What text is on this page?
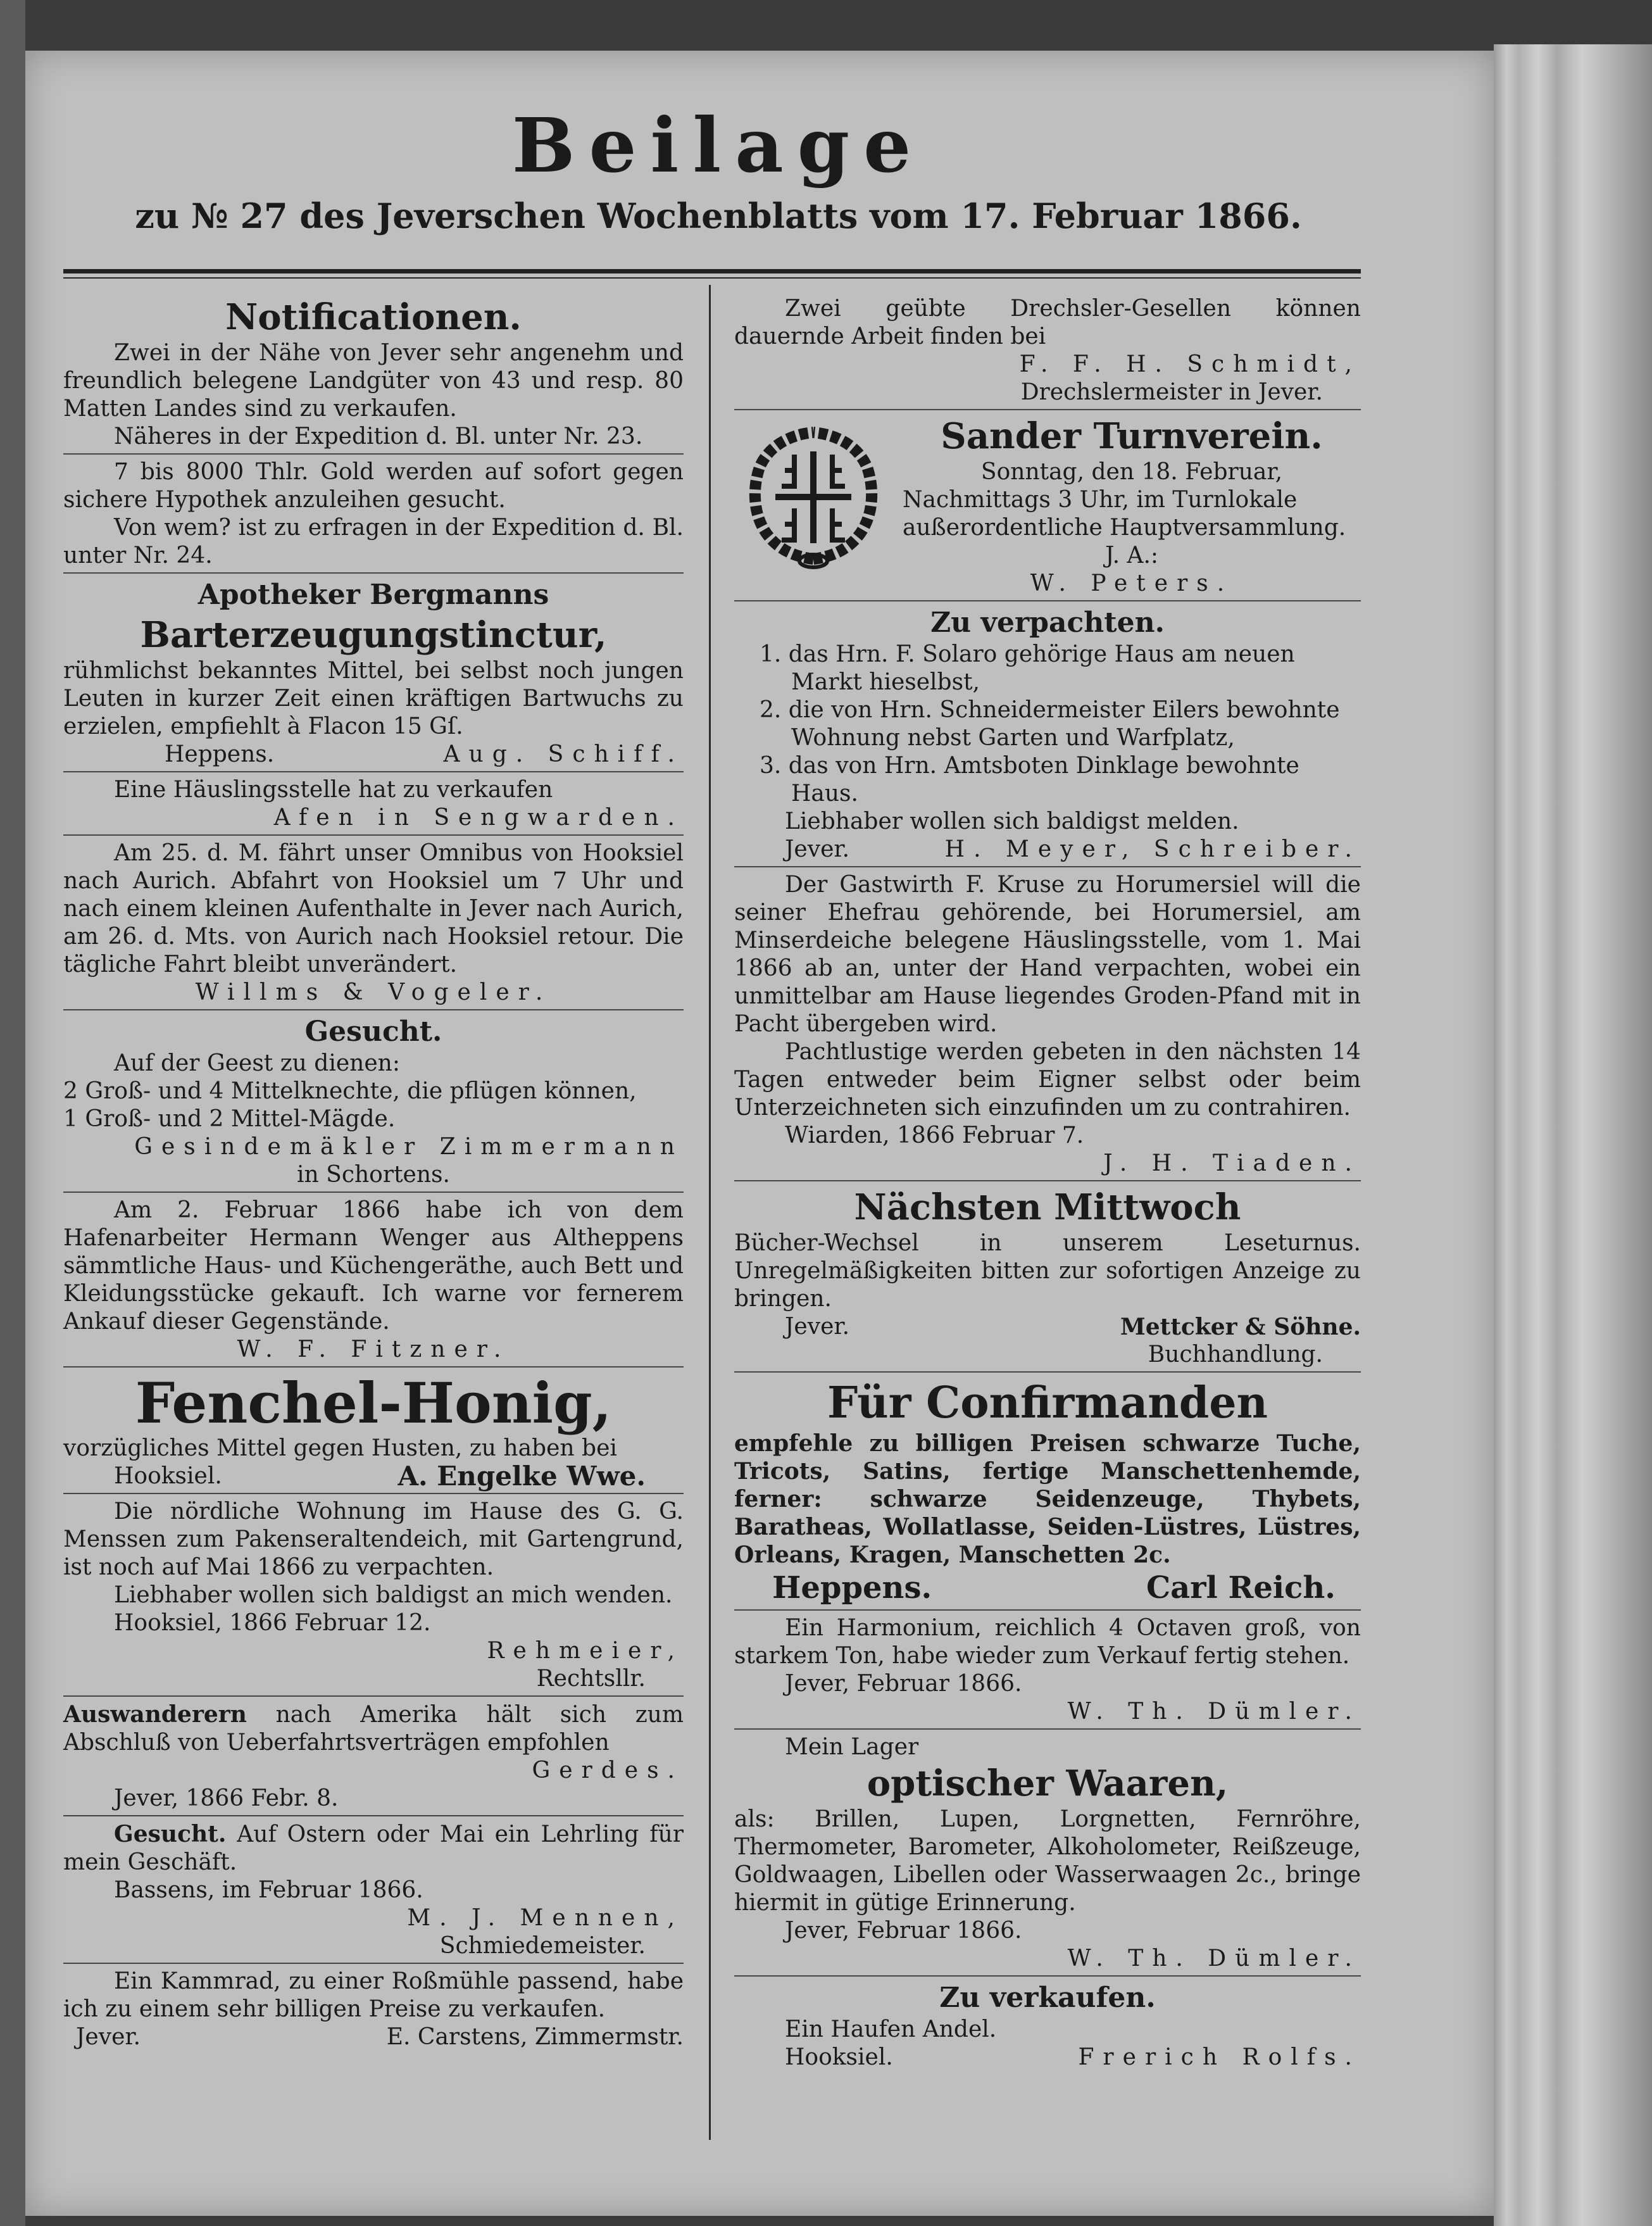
Beilage
zu № 27 des Jeverschen Wochenblatts vom 17. Februar 1866.
Notificationen.
Zwei in der Nähe von Jever sehr angenehm und freundlich belegene Landgüter von 43 und resp. 80 Matten Landes sind zu verkaufen.
Näheres in der Expedition d. Bl. unter Nr. 23.
7 bis 8000 Thlr. Gold werden auf sofort gegen sichere Hypothek anzuleihen gesucht.
Von wem? ist zu erfragen in der Expedition d. Bl. unter Nr. 24.
Apotheker Bergmanns
Barterzeugungstinctur,
rühmlichst bekanntes Mittel, bei selbst noch jungen Leuten in kurzer Zeit einen kräftigen Bartwuchs zu erzielen, empfiehlt à Flacon 15 Gſ.
Heppens.	Aug. Schiff.
Eine Häuslingsstelle hat zu verkaufen
Afen in Sengwarden.
Am 25. d. M. fährt unser Omnibus von Hooksiel nach Aurich. Abfahrt von Hooksiel um 7 Uhr und nach einem kleinen Aufenthalte in Jever nach Aurich, am 26. d. Mts. von Aurich nach Hooksiel retour. Die tägliche Fahrt bleibt unverändert.
Willms & Vogeler.
Gesucht.
Auf der Geest zu dienen:
2 Groß- und 4 Mittelknechte, die pflügen können,
1 Groß- und 2 Mittel-Mägde.
Gesindemäkler Zimmermann
in Schortens.
Am 2. Februar 1866 habe ich von dem Hafenarbeiter Hermann Wenger aus Altheppens sämmtliche Haus- und Küchengeräthe, auch Bett und Kleidungsstücke gekauft. Ich warne vor fernerem Ankauf dieser Gegenstände.
W. F. Fitzner.
Fenchel-Honig,
vorzügliches Mittel gegen Husten, zu haben bei
Hooksiel.	A. Engelke Wwe.
Die nördliche Wohnung im Hause des G. G. Menssen zum Pakenseraltendeich, mit Gartengrund, ist noch auf Mai 1866 zu verpachten.
Liebhaber wollen sich baldigst an mich wenden.
Hooksiel, 1866 Februar 12.
Rehmeier,
Rechtsllr.
Auswanderern nach Amerika hält sich zum Abschluß von Ueberfahrtsverträgen empfohlen
Gerdes.
Jever, 1866 Febr. 8.
Gesucht. Auf Ostern oder Mai ein Lehrling für mein Geschäft.
Bassens, im Februar 1866.
M. J. Mennen,
Schmiedemeister.
Ein Kammrad, zu einer Roßmühle passend, habe ich zu einem sehr billigen Preise zu verkaufen.
Jever.	E. Carstens, Zimmermstr.
Zwei geübte Drechsler-Gesellen können dauernde Arbeit finden bei
F. F. H. Schmidt,
Drechslermeister in Jever.
Sander Turnverein.
Sonntag, den 18. Februar,
Nachmittags 3 Uhr, im Turnlokale
außerordentliche Hauptversammlung.
J. A.:
W. Peters.
Zu verpachten.
1. das Hrn. F. Solaro gehörige Haus am neuen Markt hieselbst,
2. die von Hrn. Schneidermeister Eilers bewohnte Wohnung nebst Garten und Warfplatz,
3. das von Hrn. Amtsboten Dinklage bewohnte Haus.
Liebhaber wollen sich baldigst melden.
Jever.	H. Meyer, Schreiber.
Der Gastwirth F. Kruse zu Horumersiel will die seiner Ehefrau gehörende, bei Horumersiel, am Minserdeiche belegene Häuslingsstelle, vom 1. Mai 1866 ab an, unter der Hand verpachten, wobei ein unmittelbar am Hause liegendes Groden-Pfand mit in Pacht übergeben wird.
Pachtlustige werden gebeten in den nächsten 14 Tagen entweder beim Eigner selbst oder beim Unterzeichneten sich einzufinden um zu contrahiren.
Wiarden, 1866 Februar 7.
J. H. Tiaden.
Nächsten Mittwoch
Bücher-Wechsel in unserem Leseturnus. Unregelmäßigkeiten bitten zur sofortigen Anzeige zu bringen.
Jever.	Mettcker & Söhne.
Buchhandlung.
Für Confirmanden
empfehle zu billigen Preisen schwarze Tuche, Tricots, Satins, fertige Manschettenhemde, ferner: schwarze Seidenzeuge, Thybets, Baratheas, Wollatlasse, Seiden-Lüstres, Lüstres, Orleans, Kragen, Manschetten 2c.
Heppens.	Carl Reich.
Ein Harmonium, reichlich 4 Octaven groß, von starkem Ton, habe wieder zum Verkauf fertig stehen.
Jever, Februar 1866.
W. Th. Dümler.
Mein Lager
optischer Waaren,
als: Brillen, Lupen, Lorgnetten, Fernröhre, Thermometer, Barometer, Alkoholometer, Reißzeuge, Goldwaagen, Libellen oder Wasserwaagen 2c., bringe hiermit in gütige Erinnerung.
Jever, Februar 1866.
W. Th. Dümler.
Zu verkaufen.
Ein Haufen Andel.
Hooksiel.	Frerich Rolfs.
